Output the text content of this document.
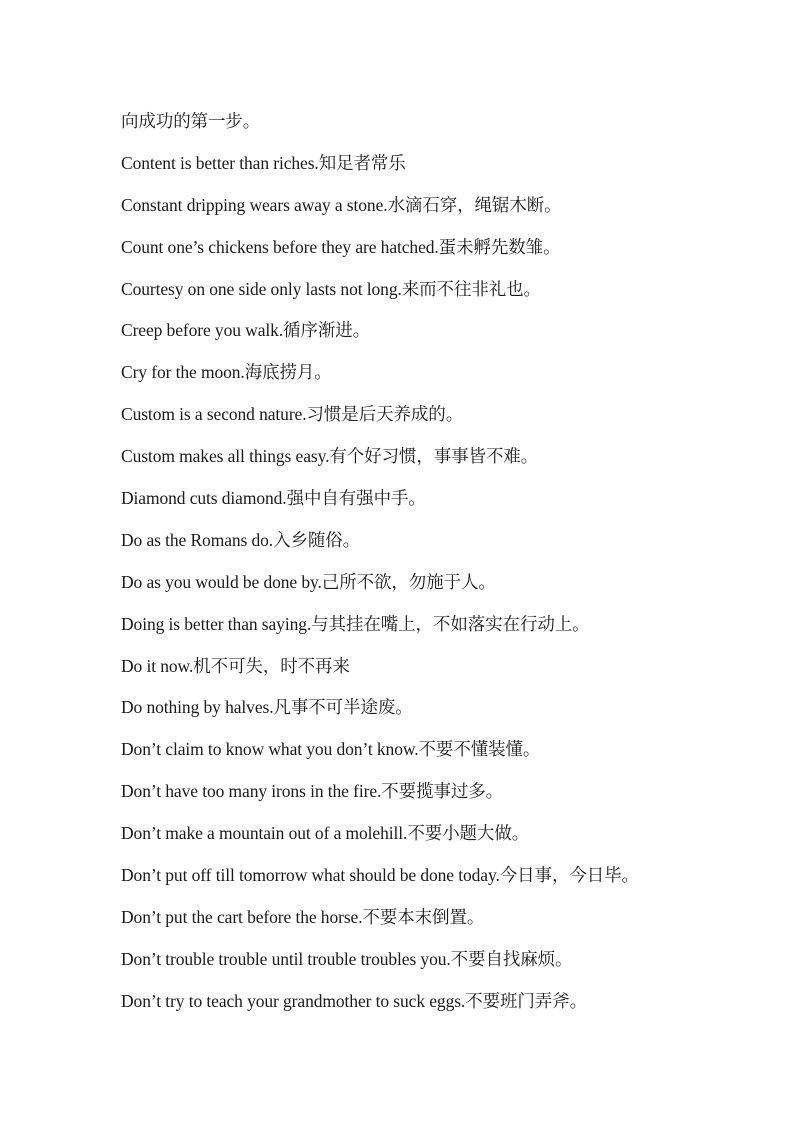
向成功的第一步。
Content is better than riches.知足者常乐
Constant dripping wears away a stone.水滴石穿，绳锯木断。
Count one’s chickens before they are hatched.蛋未孵先数雏。
Courtesy on one side only lasts not long.来而不往非礼也。
Creep before you walk.循序渐进。
Cry for the moon.海底捞月。
Custom is a second nature.习惯是后天养成的。
Custom makes all things easy.有个好习惯，事事皆不难。
Diamond cuts diamond.强中自有强中手。
Do as the Romans do.入乡随俗。
Do as you would be done by.己所不欲，勿施于人。
Doing is better than saying.与其挂在嘴上，不如落实在行动上。
Do it now.机不可失，时不再来
Do nothing by halves.凡事不可半途废。
Don’t claim to know what you don’t know.不要不懂装懂。
Don’t have too many irons in the fire.不要揽事过多。
Don’t make a mountain out of a molehill.不要小题大做。
Don’t put off till tomorrow what should be done today.今日事，今日毕。
Don’t put the cart before the horse.不要本末倒置。
Don’t trouble trouble until trouble troubles you.不要自找麻烦。
Don’t try to teach your grandmother to suck eggs.不要班门弄斧。
